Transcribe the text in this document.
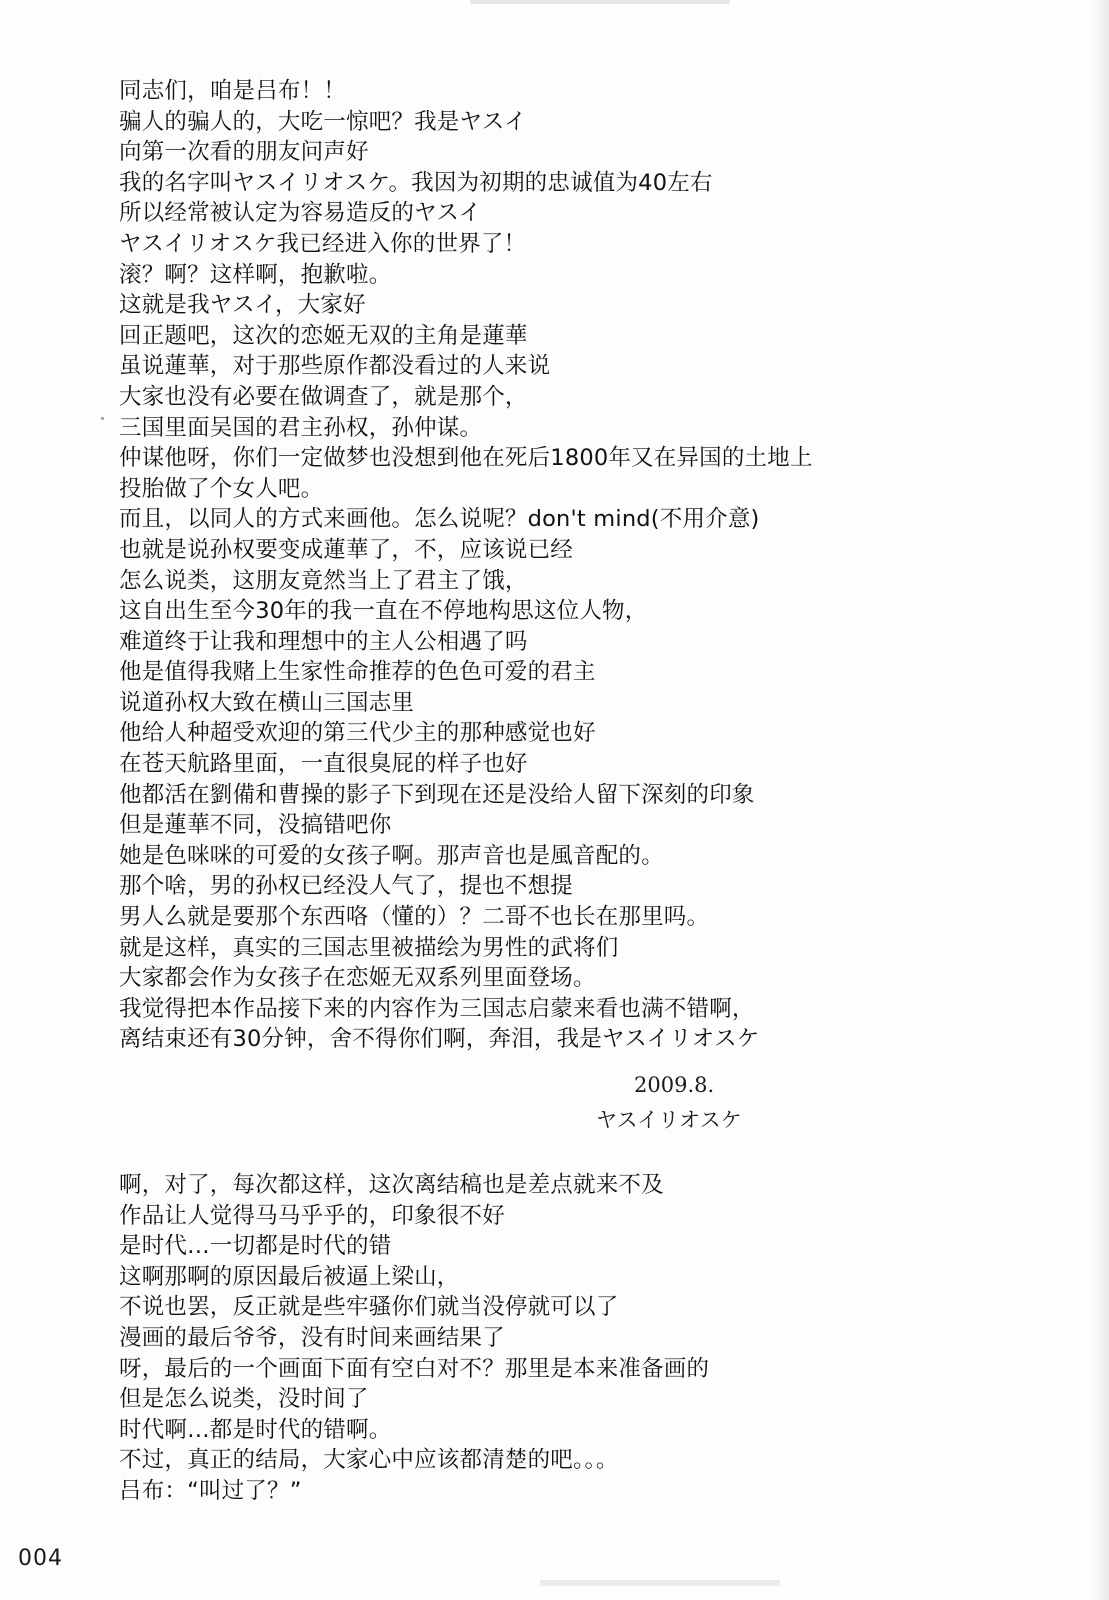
同志们，咱是吕布！！
骗人的骗人的，大吃一惊吧？我是ヤスイ
向第一次看的朋友问声好
我的名字叫ヤスイリオスケ。我因为初期的忠诚值为40左右
所以经常被认定为容易造反的ヤスイ
ヤスイリオスケ我已经进入你的世界了！
滚？啊？这样啊，抱歉啦。
这就是我ヤスイ，大家好
回正题吧，这次的恋姬无双的主角是蓮華
虽说蓮華，对于那些原作都没看过的人来说
大家也没有必要在做调查了，就是那个，
三国里面吴国的君主孙权，孙仲谋。
仲谋他呀，你们一定做梦也没想到他在死后1800年又在异国的土地上
投胎做了个女人吧。
而且，以同人的方式来画他。怎么说呢？don't mind(不用介意)
也就是说孙权要变成蓮華了，不，应该说已经
怎么说类，这朋友竟然当上了君主了饿，
这自出生至今30年的我一直在不停地构思这位人物，
难道终于让我和理想中的主人公相遇了吗
他是值得我赌上生家性命推荐的色色可爱的君主
说道孙权大致在横山三国志里
他给人种超受欢迎的第三代少主的那种感觉也好
在苍天航路里面，一直很臭屁的样子也好
他都活在劉備和曹操的影子下到现在还是没给人留下深刻的印象
但是蓮華不同，没搞错吧你
她是色咪咪的可爱的女孩子啊。那声音也是風音配的。
那个啥，男的孙权已经没人气了，提也不想提
男人么就是要那个东西咯（懂的）？二哥不也长在那里吗。
就是这样，真实的三国志里被描绘为男性的武将们
大家都会作为女孩子在恋姬无双系列里面登场。
我觉得把本作品接下来的内容作为三国志启蒙来看也满不错啊，
离结束还有30分钟，舍不得你们啊，奔泪，我是ヤスイリオスケ
2009.8.
ヤスイリオスケ
啊，对了，每次都这样，这次离结稿也是差点就来不及
作品让人觉得马马乎乎的，印象很不好
是时代…一切都是时代的错
这啊那啊的原因最后被逼上梁山，
不说也罢，反正就是些牢骚你们就当没停就可以了
漫画的最后爷爷，没有时间来画结果了
呀，最后的一个画面下面有空白对不？那里是本来准备画的
但是怎么说类，没时间了
时代啊…都是时代的错啊。
不过，真正的结局，大家心中应该都清楚的吧。。。
吕布：“叫过了？”
004
